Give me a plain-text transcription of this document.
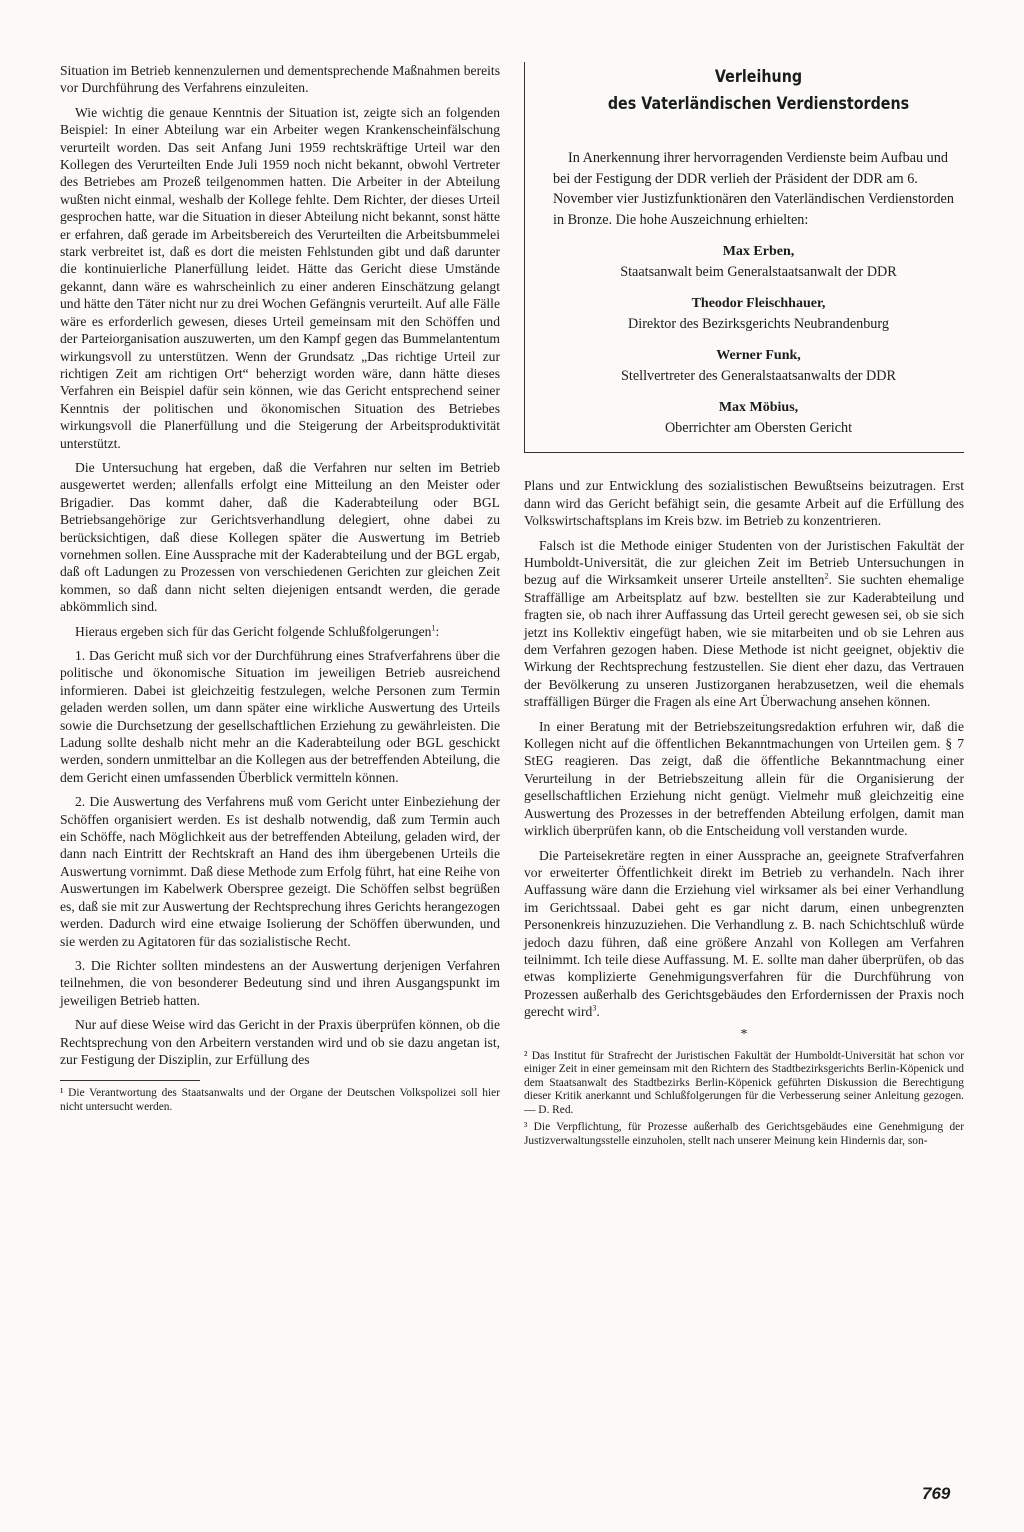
Situation im Betrieb kennenzulernen und dementsprechende Maßnahmen bereits vor Durchführung des Verfahrens einzuleiten.

Wie wichtig die genaue Kenntnis der Situation ist, zeigte sich an folgenden Beispiel: In einer Abteilung war ein Arbeiter wegen Krankenscheinfälschung verurteilt worden. Das seit Anfang Juni 1959 rechtskräftige Urteil war den Kollegen des Verurteilten Ende Juli 1959 noch nicht bekannt, obwohl Vertreter des Betriebes am Prozeß teilgenommen hatten. Die Arbeiter in der Abteilung wußten nicht einmal, weshalb der Kollege fehlte. Dem Richter, der dieses Urteil gesprochen hatte, war die Situation in dieser Abteilung nicht bekannt, sonst hätte er erfahren, daß gerade im Arbeitsbereich des Verurteilten die Arbeitsbummelei stark verbreitet ist, daß es dort die meisten Fehlstunden gibt und daß darunter die kontinuierliche Planerfüllung leidet. Hätte das Gericht diese Umstände gekannt, dann wäre es wahrscheinlich zu einer anderen Einschätzung gelangt und hätte den Täter nicht nur zu drei Wochen Gefängnis verurteilt. Auf alle Fälle wäre es erforderlich gewesen, dieses Urteil gemeinsam mit den Schöffen und der Parteiorganisation auszuwerten, um den Kampf gegen das Bummelantentum wirkungsvoll zu unterstützen. Wenn der Grundsatz „Das richtige Urteil zur richtigen Zeit am richtigen Ort“ beherzigt worden wäre, dann hätte dieses Verfahren ein Beispiel dafür sein können, wie das Gericht entsprechend seiner Kenntnis der politischen und ökonomischen Situation des Betriebes wirkungsvoll die Planerfüllung und die Steigerung der Arbeitsproduktivität unterstützt.

Die Untersuchung hat ergeben, daß die Verfahren nur selten im Betrieb ausgewertet werden; allenfalls erfolgt eine Mitteilung an den Meister oder Brigadier. Das kommt daher, daß die Kaderabteilung oder BGL Betriebsangehörige zur Gerichtsverhandlung delegiert, ohne dabei zu berücksichtigen, daß diese Kollegen später die Auswertung im Betrieb vornehmen sollen. Eine Aussprache mit der Kaderabteilung und der BGL ergab, daß oft Ladungen zu Prozessen von verschiedenen Gerichten zur gleichen Zeit kommen, so daß dann nicht selten diejenigen entsandt werden, die gerade abkömmlich sind.

Hieraus ergeben sich für das Gericht folgende Schlußfolgerungen$^1$:

1. Das Gericht muß sich vor der Durchführung eines Strafverfahrens über die politische und ökonomische Situation im jeweiligen Betrieb ausreichend informieren. Dabei ist gleichzeitig festzulegen, welche Personen zum Termin geladen werden sollen, um dann später eine wirkliche Auswertung des Urteils sowie die Durchsetzung der gesellschaftlichen Erziehung zu gewährleisten. Die Ladung sollte deshalb nicht mehr an die Kaderabteilung oder BGL geschickt werden, sondern unmittelbar an die Kollegen aus der betreffenden Abteilung, die dem Gericht einen umfassenden Überblick vermitteln können.

2. Die Auswertung des Verfahrens muß vom Gericht unter Einbeziehung der Schöffen organisiert werden. Es ist deshalb notwendig, daß zum Termin auch ein Schöffe, nach Möglichkeit aus der betreffenden Abteilung, geladen wird, der dann nach Eintritt der Rechtskraft an Hand des ihm übergebenen Urteils die Auswertung vornimmt. Daß diese Methode zum Erfolg führt, hat eine Reihe von Auswertungen im Kabelwerk Oberspree gezeigt. Die Schöffen selbst begrüßen es, daß sie mit zur Auswertung der Rechtsprechung ihres Gerichts herangezogen werden. Dadurch wird eine etwaige Isolierung der Schöffen überwunden, und sie werden zu Agitatoren für das sozialistische Recht.

3. Die Richter sollten mindestens an der Auswertung derjenigen Verfahren teilnehmen, die von besonderer Bedeutung sind und ihren Ausgangspunkt im jeweiligen Betrieb hatten.

Nur auf diese Weise wird das Gericht in der Praxis überprüfen können, ob die Rechtsprechung von den Arbeitern verstanden wird und ob sie dazu angetan ist, zur Festigung der Disziplin, zur Erfüllung des

¹ Die Verantwortung des Staatsanwalts und der Organe der Deutschen Volkspolizei soll hier nicht untersucht werden.

Verleihung
des Vaterländischen Verdienstordens

In Anerkennung ihrer hervorragenden Verdienste beim Aufbau und bei der Festigung der DDR verlieh der Präsident der DDR am 6. November vier Justizfunktionären den Vaterländischen Verdienstorden in Bronze. Die hohe Auszeichnung erhielten:

Max Erben,
Staatsanwalt beim Generalstaatsanwalt der DDR
Theodor Fleischhauer,
Direktor des Bezirksgerichts Neubrandenburg
Werner Funk,
Stellvertreter des Generalstaatsanwalts der DDR
Max Möbius,
Oberrichter am Obersten Gericht

Plans und zur Entwicklung des sozialistischen Bewußtseins beizutragen. Erst dann wird das Gericht befähigt sein, die gesamte Arbeit auf die Erfüllung des Volkswirtschaftsplans im Kreis bzw. im Betrieb zu konzentrieren.

Falsch ist die Methode einiger Studenten von der Juristischen Fakultät der Humboldt-Universität, die zur gleichen Zeit im Betrieb Untersuchungen in bezug auf die Wirksamkeit unserer Urteile anstellten$^2$. Sie suchten ehemalige Straffällige am Arbeitsplatz auf bzw. bestellten sie zur Kaderabteilung und fragten sie, ob nach ihrer Auffassung das Urteil gerecht gewesen sei, ob sie sich jetzt ins Kollektiv eingefügt haben, wie sie mitarbeiten und ob sie Lehren aus dem Verfahren gezogen haben. Diese Methode ist nicht geeignet, objektiv die Wirkung der Rechtsprechung festzustellen. Sie dient eher dazu, das Vertrauen der Bevölkerung zu unseren Justizorganen herabzusetzen, weil die ehemals straffälligen Bürger die Fragen als eine Art Überwachung ansehen können.

In einer Beratung mit der Betriebszeitungsredaktion erfuhren wir, daß die Kollegen nicht auf die öffentlichen Bekanntmachungen von Urteilen gem. § 7 StEG reagieren. Das zeigt, daß die öffentliche Bekanntmachung einer Verurteilung in der Betriebszeitung allein für die Organisierung der gesellschaftlichen Erziehung nicht genügt. Vielmehr muß gleichzeitig eine Auswertung des Prozesses in der betreffenden Abteilung erfolgen, damit man wirklich überprüfen kann, ob die Entscheidung voll verstanden wurde.

Die Parteisekretäre regten in einer Aussprache an, geeignete Strafverfahren vor erweiterter Öffentlichkeit direkt im Betrieb zu verhandeln. Nach ihrer Auffassung wäre dann die Erziehung viel wirksamer als bei einer Verhandlung im Gerichtssaal. Dabei geht es gar nicht darum, einen unbegrenzten Personenkreis hinzuzuziehen. Die Verhandlung z. B. nach Schichtschluß würde jedoch dazu führen, daß eine größere Anzahl von Kollegen am Verfahren teilnimmt. Ich teile diese Auffassung. M. E. sollte man daher überprüfen, ob das etwas komplizierte Genehmigungsverfahren für die Durchführung von Prozessen außerhalb des Gerichtsgebäudes den Erfordernissen der Praxis noch gerecht wird$^3$.

*

² Das Institut für Strafrecht der Juristischen Fakultät der Humboldt-Universität hat schon vor einiger Zeit in einer gemeinsam mit den Richtern des Stadtbezirksgerichts Berlin-Köpenick und dem Staatsanwalt des Stadtbezirks Berlin-Köpenick geführten Diskussion die Berechtigung dieser Kritik anerkannt und Schlußfolgerungen für die Verbesserung seiner Anleitung gezogen. — D. Red.

³ Die Verpflichtung, für Prozesse außerhalb des Gerichtsgebäudes eine Genehmigung der Justizverwaltungsstelle einzuholen, stellt nach unserer Meinung kein Hindernis dar, son-

769
